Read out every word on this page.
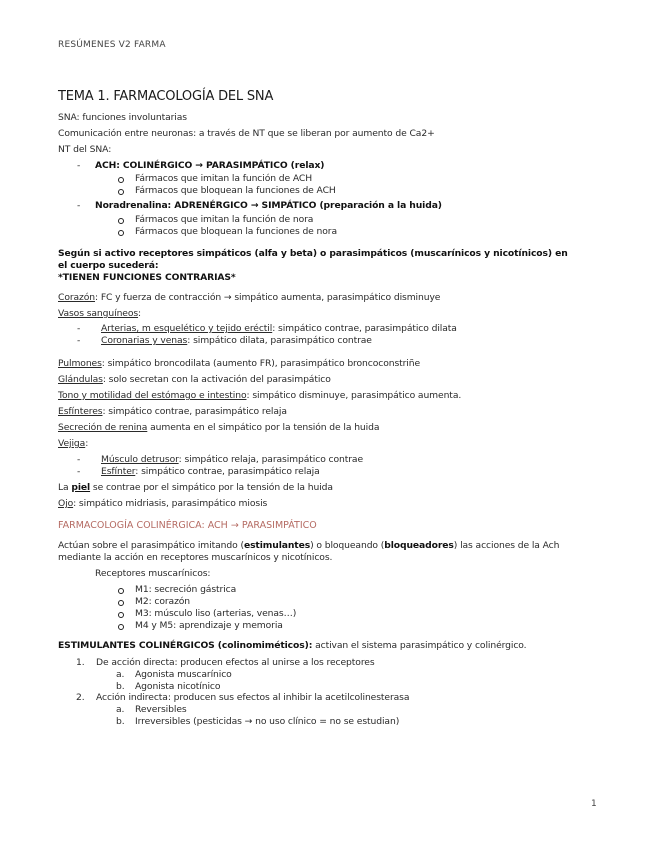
RESÚMENES V2 FARMA
TEMA 1. FARMACOLOGÍA DEL SNA
SNA: funciones involuntarias
Comunicación entre neuronas: a través de NT que se liberan por aumento de Ca2+
NT del SNA:
- ACH: COLINÉRGICO → PARASIMPÁTICO (relax)
Fármacos que imitan la función de ACH
Fármacos que bloquean la funciones de ACH
- Noradrenalina: ADRENÉRGICO → SIMPÁTICO (preparación a la huida)
Fármacos que imitan la función de nora
Fármacos que bloquean la funciones de nora
Según si activo receptores simpáticos (alfa y beta) o parasimpáticos (muscarínicos y nicotínicos) en
el cuerpo sucederá:
*TIENEN FUNCIONES CONTRARIAS*
Corazón: FC y fuerza de contracción → simpático aumenta, parasimpático disminuye
Vasos sanguíneos:
- Arterias, m esquelético y tejido eréctil: simpático contrae, parasimpático dilata
- Coronarias y venas: simpático dilata, parasimpático contrae
Pulmones: simpático broncodilata (aumento FR), parasimpático broncoconstriñe
Glándulas: solo secretan con la activación del parasimpático
Tono y motilidad del estómago e intestino: simpático disminuye, parasimpático aumenta.
Esfínteres: simpático contrae, parasimpático relaja
Secreción de renina aumenta en el simpático por la tensión de la huida
Vejiga:
- Músculo detrusor: simpático relaja, parasimpático contrae
- Esfínter: simpático contrae, parasimpático relaja
La piel se contrae por el simpático por la tensión de la huida
Ojo: simpático midriasis, parasimpático miosis
FARMACOLOGÍA COLINÉRGICA: ACH → PARASIMPÁTICO
Actúan sobre el parasimpático imitando (estimulantes) o bloqueando (bloqueadores) las acciones de la Ach
mediante la acción en receptores muscarínicos y nicotínicos.
Receptores muscarínicos:
M1: secreción gástrica
M2: corazón
M3: músculo liso (arterias, venas…)
M4 y M5: aprendizaje y memoria
ESTIMULANTES COLINÉRGICOS (colinomiméticos): activan el sistema parasimpático y colinérgico.
1. De acción directa: producen efectos al unirse a los receptores
a. Agonista muscarínico
b. Agonista nicotínico
2. Acción indirecta: producen sus efectos al inhibir la acetilcolinesterasa
a. Reversibles
b. Irreversibles (pesticidas → no uso clínico = no se estudian)
1
